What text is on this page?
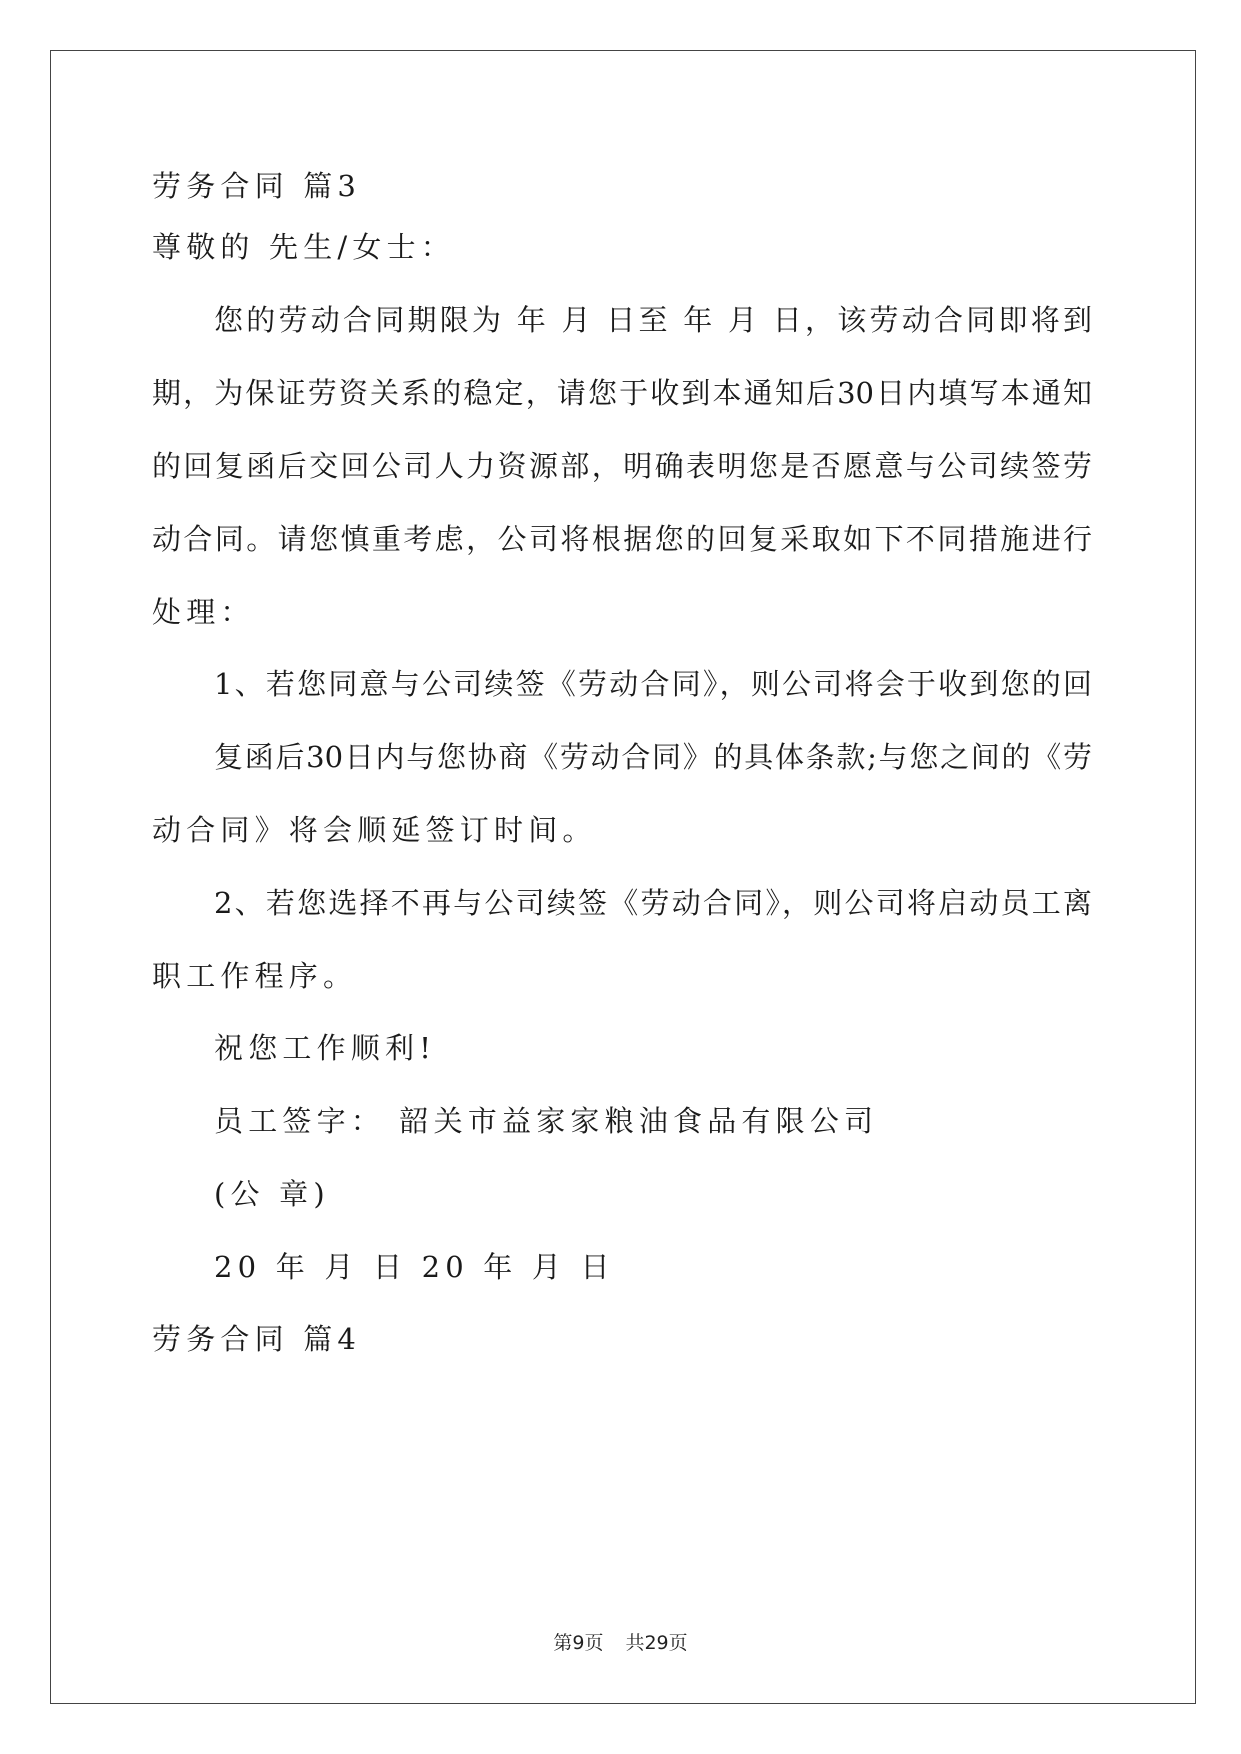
劳务合同 篇3
尊敬的 先生/女士：
您的劳动合同期限为 年 月 日至 年 月 日，该劳动合同即将到
期，为保证劳资关系的稳定，请您于收到本通知后30日内填写本通知
的回复函后交回公司人力资源部，明确表明您是否愿意与公司续签劳
动合同。请您慎重考虑，公司将根据您的回复采取如下不同措施进行
处理：
1、若您同意与公司续签《劳动合同》，则公司将会于收到您的回
复函后30日内与您协商《劳动合同》的具体条款;与您之间的《劳
动合同》将会顺延签订时间。
2、若您选择不再与公司续签《劳动合同》，则公司将启动员工离
职工作程序。
祝您工作顺利!
员工签字： 韶关市益家家粮油食品有限公司
(公 章)
20 年 月 日 20 年 月 日
劳务合同 篇4
第9页 共29页
